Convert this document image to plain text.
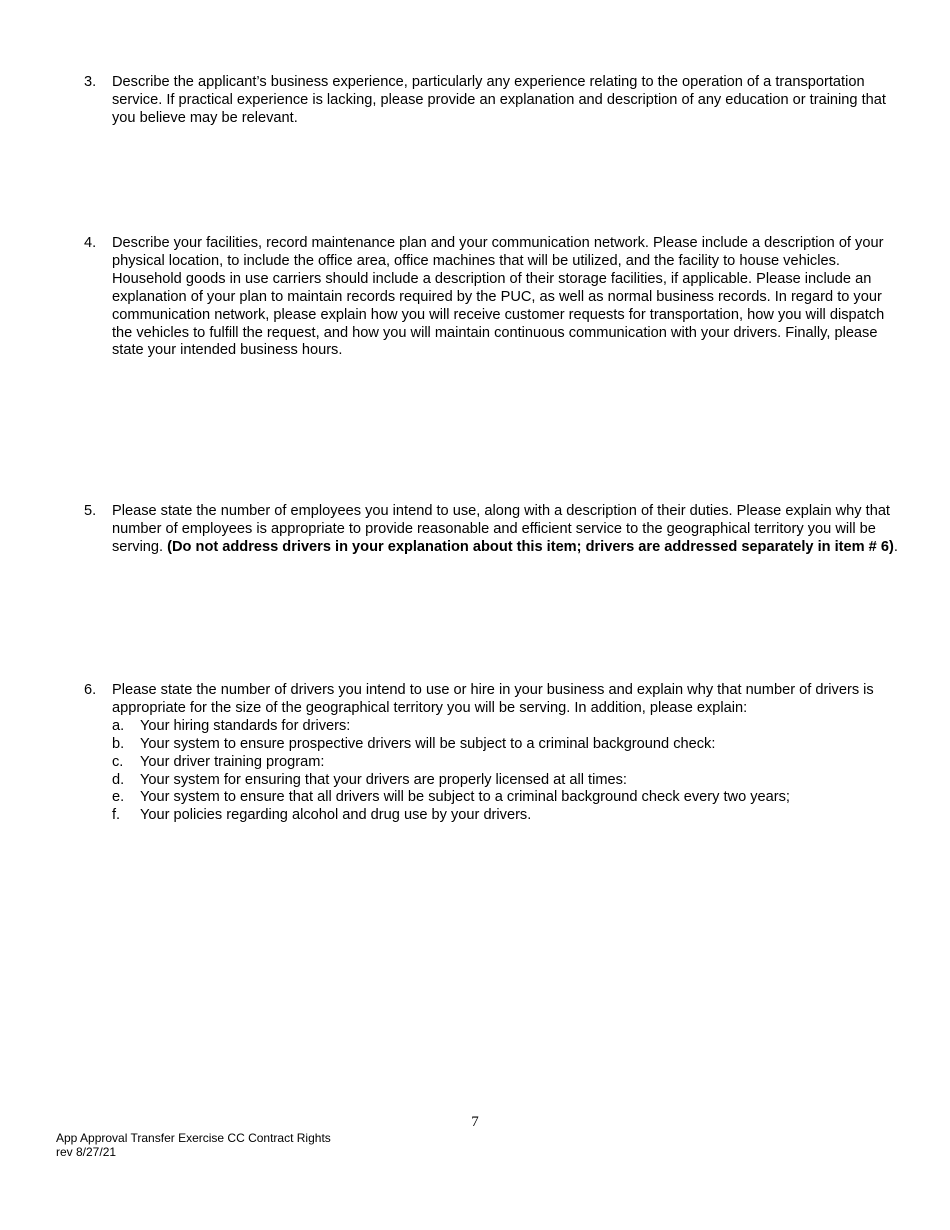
3. Describe the applicant’s business experience, particularly any experience relating to the operation of a transportation service. If practical experience is lacking, please provide an explanation and description of any education or training that you believe may be relevant.
4. Describe your facilities, record maintenance plan and your communication network. Please include a description of your physical location, to include the office area, office machines that will be utilized, and the facility to house vehicles. Household goods in use carriers should include a description of their storage facilities, if applicable. Please include an explanation of your plan to maintain records required by the PUC, as well as normal business records. In regard to your communication network, please explain how you will receive customer requests for transportation, how you will dispatch the vehicles to fulfill the request, and how you will maintain continuous communication with your drivers. Finally, please state your intended business hours.
5. Please state the number of employees you intend to use, along with a description of their duties. Please explain why that number of employees is appropriate to provide reasonable and efficient service to the geographical territory you will be serving. (Do not address drivers in your explanation about this item; drivers are addressed separately in item # 6).
6. Please state the number of drivers you intend to use or hire in your business and explain why that number of drivers is appropriate for the size of the geographical territory you will be serving. In addition, please explain:
a. Your hiring standards for drivers:
b. Your system to ensure prospective drivers will be subject to a criminal background check:
c. Your driver training program:
d. Your system for ensuring that your drivers are properly licensed at all times:
e. Your system to ensure that all drivers will be subject to a criminal background check every two years;
f. Your policies regarding alcohol and drug use by your drivers.
7
App Approval Transfer Exercise CC Contract Rights
rev 8/27/21
